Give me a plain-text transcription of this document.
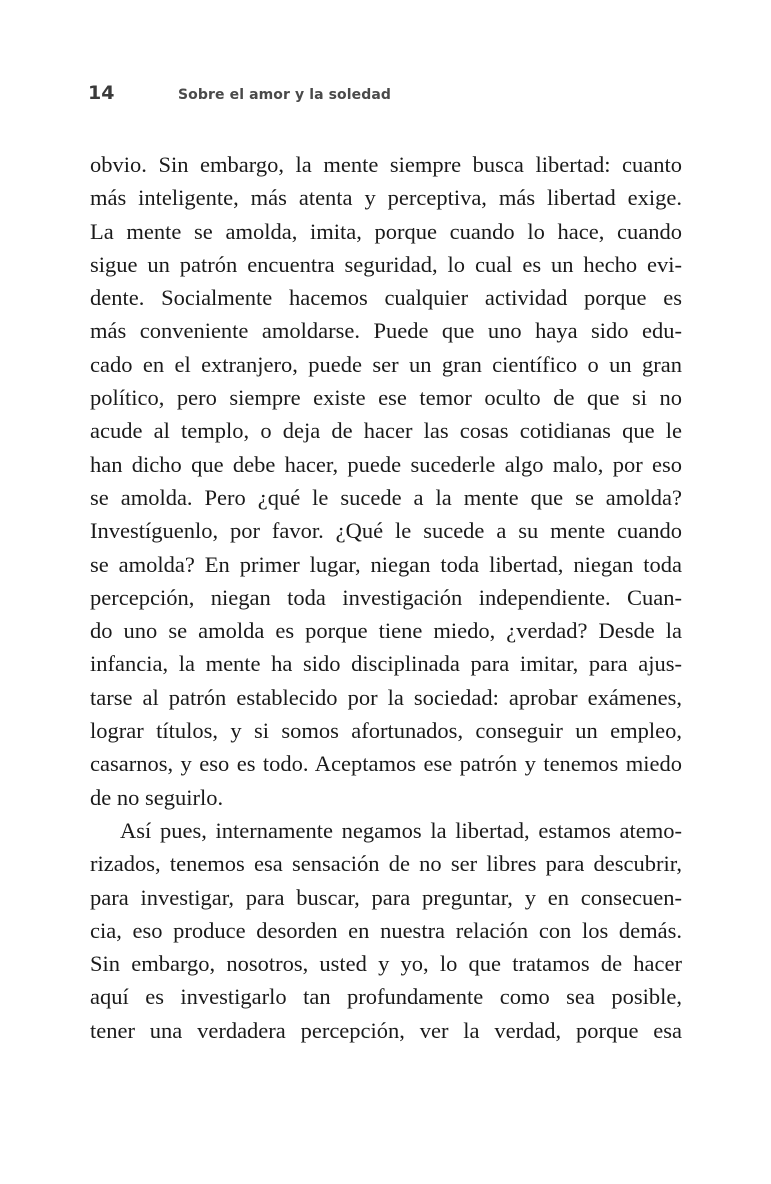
14	Sobre el amor y la soledad
obvio. Sin embargo, la mente siempre busca libertad: cuanto
más inteligente, más atenta y perceptiva, más libertad exige.
La mente se amolda, imita, porque cuando lo hace, cuando
sigue un patrón encuentra seguridad, lo cual es un hecho evi-
dente. Socialmente hacemos cualquier actividad porque es
más conveniente amoldarse. Puede que uno haya sido edu-
cado en el extranjero, puede ser un gran científico o un gran
político, pero siempre existe ese temor oculto de que si no
acude al templo, o deja de hacer las cosas cotidianas que le
han dicho que debe hacer, puede sucederle algo malo, por eso
se amolda. Pero ¿qué le sucede a la mente que se amolda?
Investíguenlo, por favor. ¿Qué le sucede a su mente cuando
se amolda? En primer lugar, niegan toda libertad, niegan toda
percepción, niegan toda investigación independiente. Cuan-
do uno se amolda es porque tiene miedo, ¿verdad? Desde la
infancia, la mente ha sido disciplinada para imitar, para ajus-
tarse al patrón establecido por la sociedad: aprobar exámenes,
lograr títulos, y si somos afortunados, conseguir un empleo,
casarnos, y eso es todo. Aceptamos ese patrón y tenemos miedo
de no seguirlo.
Así pues, internamente negamos la libertad, estamos atemo-
rizados, tenemos esa sensación de no ser libres para descubrir,
para investigar, para buscar, para preguntar, y en consecuen-
cia, eso produce desorden en nuestra relación con los demás.
Sin embargo, nosotros, usted y yo, lo que tratamos de hacer
aquí es investigarlo tan profundamente como sea posible,
tener una verdadera percepción, ver la verdad, porque esa
